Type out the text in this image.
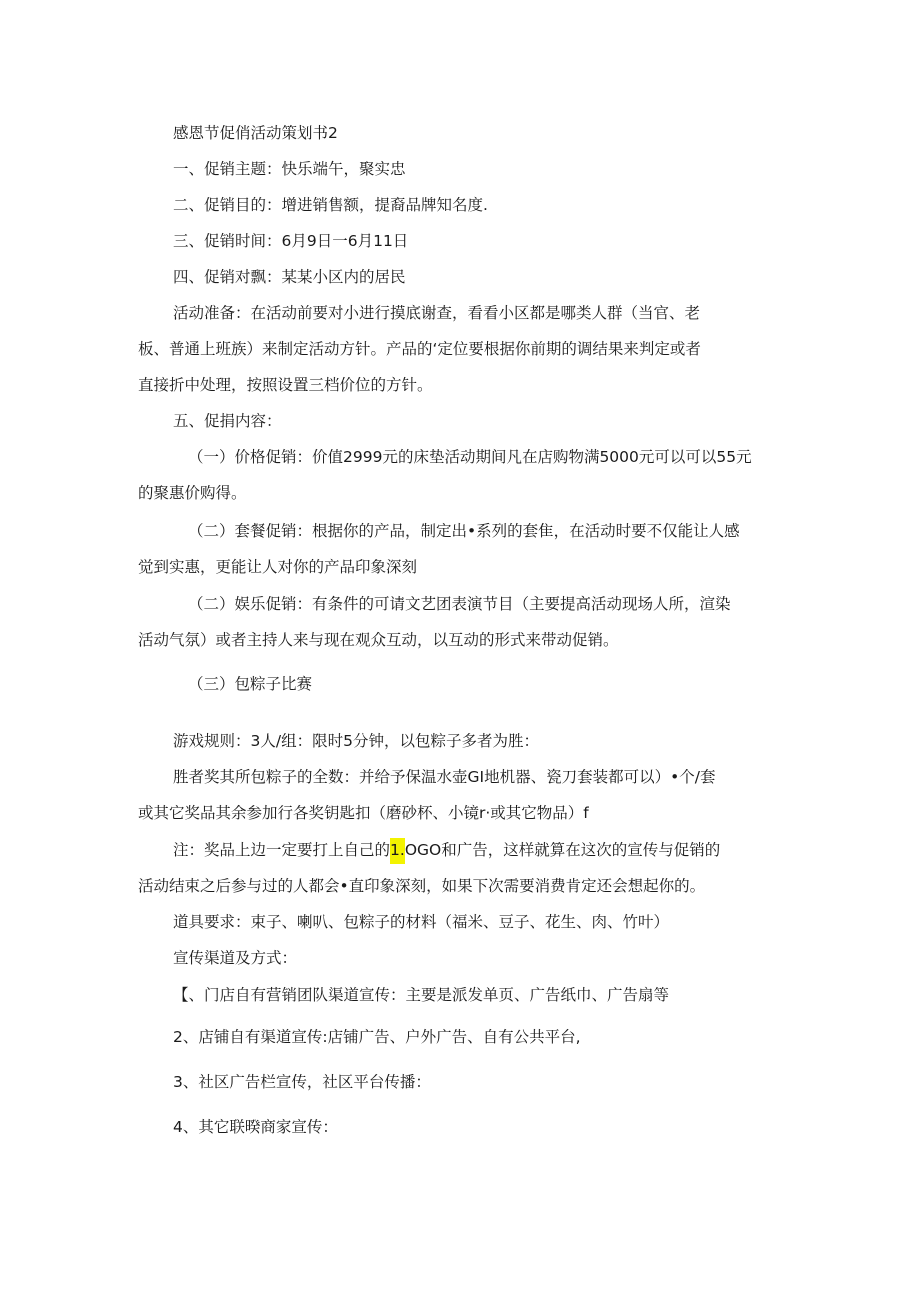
感恩节促俏活动策划书2

一、促销主题：快乐端午，聚实忠

二、促销目的：增进销售额，提裔品牌知名度.

三、促销时间：6月9日一6月11日

四、促销对飘：某某小区内的居民

活动准备：在活动前要对小进行摸底谢查，看看小区都是哪类人群（当官、老

板、普通上班族）来制定活动方针。产品的‘定位要根据你前期的调结果来判定或者

直接折中处理，按照设置三档价位的方针。

五、促捐内容：

（一）价格促销：价值2999元的床垫活动期间凡在店购物满5000元可以可以55元

的聚惠价购得。

（二）套餐促销：根据你的产品，制定出•系列的套隹，在活动时要不仅能让人感

觉到实惠，更能让人对你的产品印象深刻

（二）娱乐促销：有条件的可请文艺团表演节目（主要提高活动现场人所，渲染

活动气氛）或者主持人来与现在观众互动，以互动的形式来带动促销。

（三）包粽子比赛

游戏规则：3人/组：限时5分钟，以包粽子多者为胜：

胜者奖其所包粽子的全数：并给予保温水壶GI地机器、瓷刀套装都可以）•个/套

或其它奖品其余参加行各奖钥匙扣（磨砂杯、小镜r·或其它物品）f

注：奖品上边一定要打上自己的1.OGO和广告，这样就算在这次的宣传与促销的

活动结束之后参与过的人都会•直印象深刻，如果下次需要消费肯定还会想起你的。

道具要求：束子、喇叭、包粽子的材料（福米、豆子、花生、肉、竹叶）

宣传渠道及方式：

【、门店自有营销团队渠道宣传：主要是派发单页、广告纸巾、广告扇等

2、店铺自有渠道宣传:店铺广告、户外广告、自有公共平台,

3、社区广告栏宣传，社区平台传播：

4、其它联暌商家宣传：
